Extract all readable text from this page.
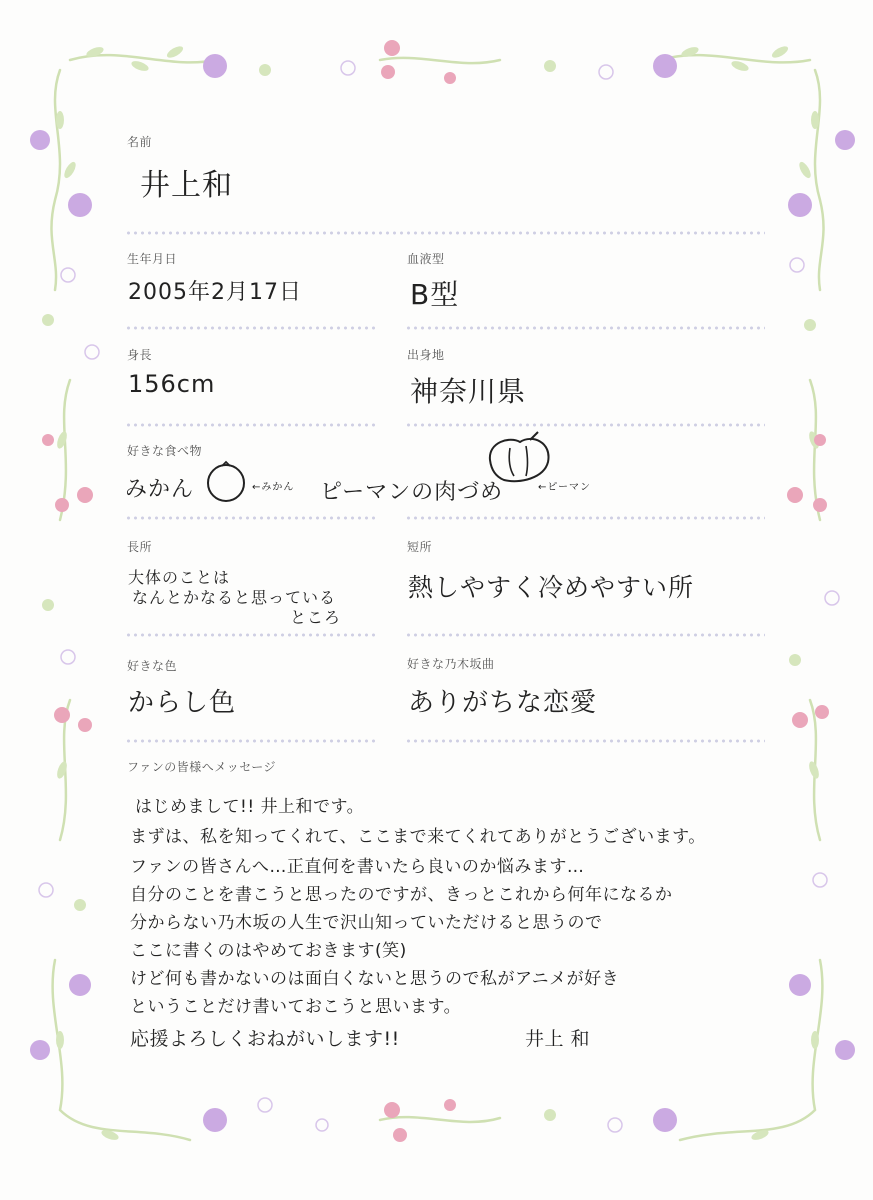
名前
井上和
生年月日
2005年2月17日
血液型
B型
身長
156cm
出身地
神奈川県
好きな食べ物
みかん	←みかん ピーマンの肉づめ	←ピーマン
長所
大体のことは
なんとかなると思っている
ところ
短所
熱しやすく冷めやすい所
好きな色
からし色
好きな乃木坂曲
ありがちな恋愛
ファンの皆様へメッセージ
はじめまして!! 井上和です。
まずは、私を知ってくれて、ここまで来てくれてありがとうございます。
ファンの皆さんへ…正直何を書いたら良いのか悩みます…
自分のことを書こうと思ったのですが、きっとこれから何年になるか
分からない乃木坂の人生で沢山知っていただけると思うので
ここに書くのはやめておきます(笑)
けど何も書かないのは面白くないと思うので私がアニメが好き
ということだけ書いておこうと思います。
応援よろしくおねがいします!!	井上 和
